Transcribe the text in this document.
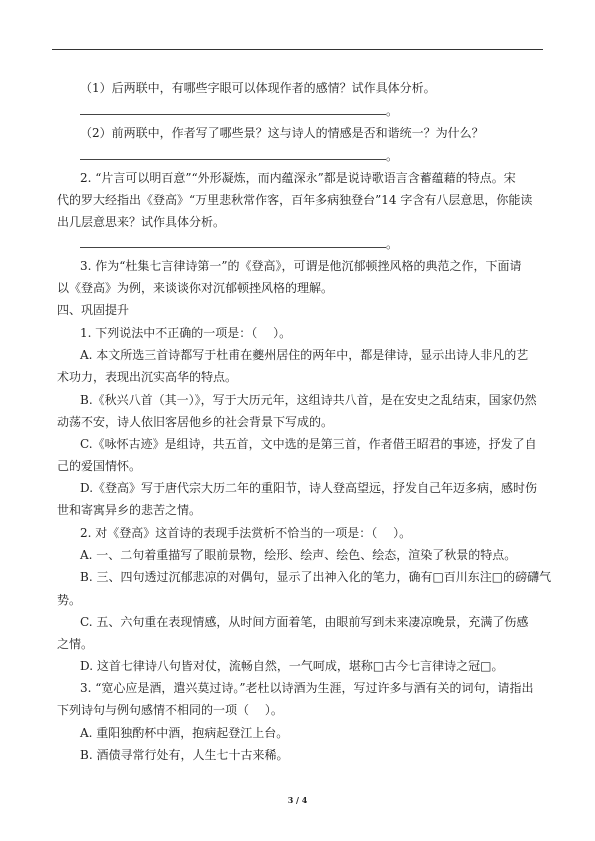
（1）后两联中，有哪些字眼可以体现作者的感情？试作具体分析。
。
（2）前两联中，作者写了哪些景？这与诗人的情感是否和谐统一？为什么？
。
2. “片言可以明百意”“外形凝炼，而内蕴深永”都是说诗歌语言含蓄蕴藉的特点。宋
代的罗大经指出《登高》“万里悲秋常作客，百年多病独登台”14 字含有八层意思，你能读
出几层意思来？试作具体分析。
。
3. 作为“杜集七言律诗第一”的《登高》，可谓是他沉郁顿挫风格的典范之作，下面请
以《登高》为例，来谈谈你对沉郁顿挫风格的理解。
四、巩固提升
1. 下列说法中不正确的一项是：（　 ）。
A. 本文所选三首诗都写于杜甫在夔州居住的两年中，都是律诗，显示出诗人非凡的艺
术功力，表现出沉实高华的特点。
B.《秋兴八首（其一）》，写于大历元年，这组诗共八首，是在安史之乱结束，国家仍然
动荡不安，诗人依旧客居他乡的社会背景下写成的。
C.《咏怀古迹》是组诗，共五首，文中选的是第三首，作者借王昭君的事迹，抒发了自
己的爱国情怀。
D.《登高》写于唐代宗大历二年的重阳节，诗人登高望远，抒发自己年迈多病，感时伤
世和寄寓异乡的悲苦之情。
2. 对《登高》这首诗的表现手法赏析不恰当的一项是：（　 ）。
A. 一、二句着重描写了眼前景物，绘形、绘声、绘色、绘态，渲染了秋景的特点。
B. 三、四句透过沉郁悲凉的对偶句，显示了出神入化的笔力，确有□百川东注□的磅礴气
势。
C. 五、六句重在表现情感，从时间方面着笔，由眼前写到未来凄凉晚景，充满了伤感
之情。
D. 这首七律诗八句皆对仗，流畅自然，一气呵成，堪称□古今七言律诗之冠□。
3. “宽心应是酒，遣兴莫过诗。”老杜以诗酒为生涯，写过许多与酒有关的词句，请指出
下列诗句与例句感情不相同的一项（　 ）。
A. 重阳独酌杯中酒，抱病起登江上台。
B. 酒债寻常行处有，人生七十古来稀。
3 / 4
